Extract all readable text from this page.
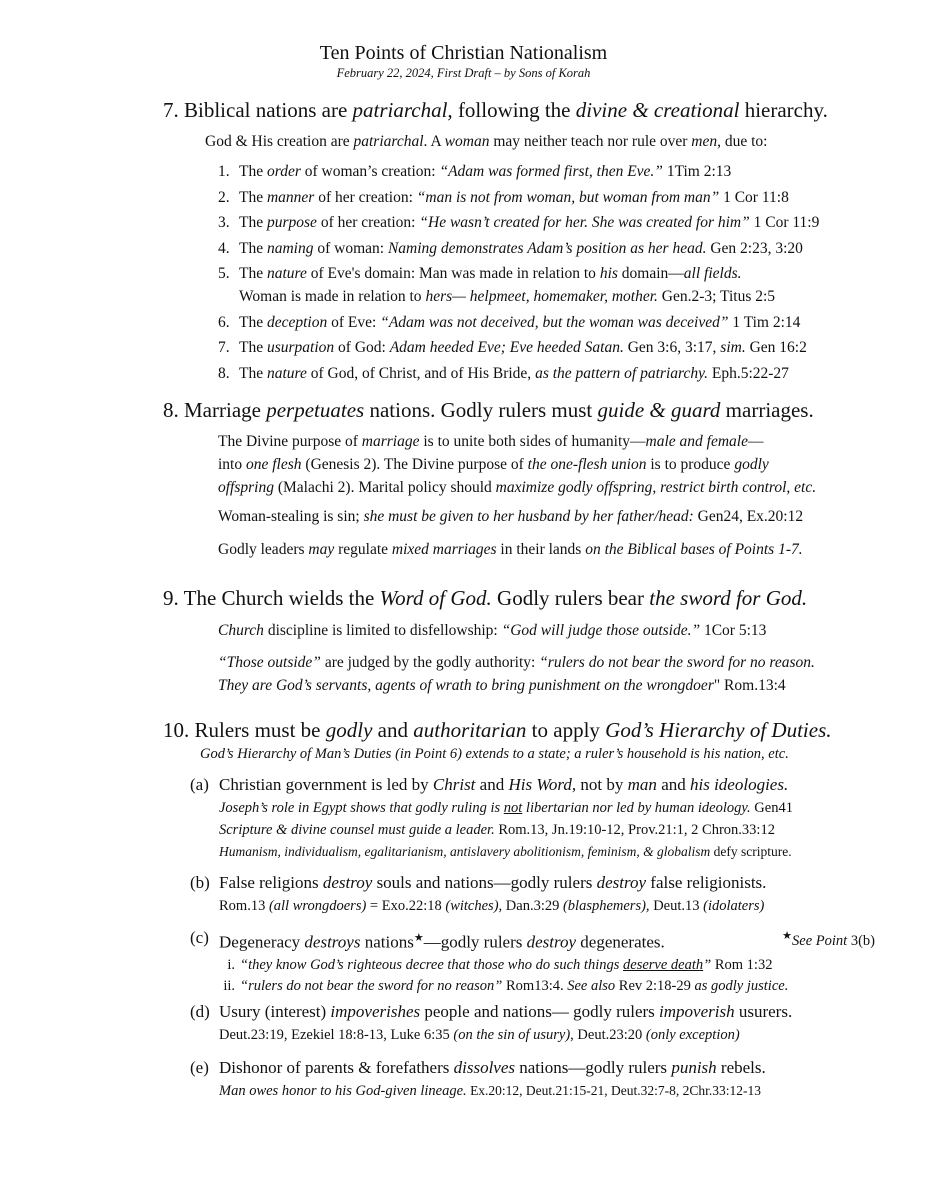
Ten Points of Christian Nationalism
February 22, 2024, First Draft – by Sons of Korah
7. Biblical nations are patriarchal, following the divine & creational hierarchy.
God & His creation are patriarchal. A woman may neither teach nor rule over men, due to:
1. The order of woman’s creation: “Adam was formed first, then Eve.” 1Tim 2:13
2. The manner of her creation: “man is not from woman, but woman from man” 1 Cor 11:8
3. The purpose of her creation: “He wasn’t created for her. She was created for him” 1 Cor 11:9
4. The naming of woman: Naming demonstrates Adam’s position as her head. Gen 2:23, 3:20
5. The nature of Eve's domain: Man was made in relation to his domain—all fields.
Woman is made in relation to hers— helpmeet, homemaker, mother. Gen.2-3; Titus 2:5
6. The deception of Eve: “Adam was not deceived, but the woman was deceived” 1 Tim 2:14
7. The usurpation of God: Adam heeded Eve; Eve heeded Satan. Gen 3:6, 3:17, sim. Gen 16:2
8. The nature of God, of Christ, and of His Bride, as the pattern of patriarchy. Eph.5:22-27
8. Marriage perpetuates nations. Godly rulers must guide & guard marriages.
The Divine purpose of marriage is to unite both sides of humanity—male and female—
into one flesh (Genesis 2). The Divine purpose of the one-flesh union is to produce godly
offspring (Malachi 2). Marital policy should maximize godly offspring, restrict birth control, etc.
Woman-stealing is sin; she must be given to her husband by her father/head: Gen24, Ex.20:12
Godly leaders may regulate mixed marriages in their lands on the Biblical bases of Points 1-7.
9. The Church wields the Word of God. Godly rulers bear the sword for God.
Church discipline is limited to disfellowship: “God will judge those outside.” 1Cor 5:13
“Those outside” are judged by the godly authority: “rulers do not bear the sword for no reason.
They are God’s servants, agents of wrath to bring punishment on the wrongdoer" Rom.13:4
10. Rulers must be godly and authoritarian to apply God’s Hierarchy of Duties.
God’s Hierarchy of Man’s Duties (in Point 6) extends to a state; a ruler’s household is his nation, etc.
(a) Christian government is led by Christ and His Word, not by man and his ideologies.
Joseph’s role in Egypt shows that godly ruling is not libertarian nor led by human ideology. Gen41
Scripture & divine counsel must guide a leader. Rom.13, Jn.19:10-12, Prov.21:1, 2 Chron.33:12
Humanism, individualism, egalitarianism, antislavery abolitionism, feminism, & globalism defy scripture.
(b) False religions destroy souls and nations—godly rulers destroy false religionists.
Rom.13 (all wrongdoers) = Exo.22:18 (witches), Dan.3:29 (blasphemers), Deut.13 (idolaters)
(c) Degeneracy destroys nations★—godly rulers destroy degenerates.	★See Point 3(b)
i. “they know God’s righteous decree that those who do such things deserve death” Rom 1:32
ii. “rulers do not bear the sword for no reason” Rom13:4. See also Rev 2:18-29 as godly justice.
(d) Usury (interest) impoverishes people and nations— godly rulers impoverish usurers.
Deut.23:19, Ezekiel 18:8-13, Luke 6:35 (on the sin of usury), Deut.23:20 (only exception)
(e) Dishonor of parents & forefathers dissolves nations—godly rulers punish rebels.
Man owes honor to his God-given lineage. Ex.20:12, Deut.21:15-21, Deut.32:7-8, 2Chr.33:12-13
